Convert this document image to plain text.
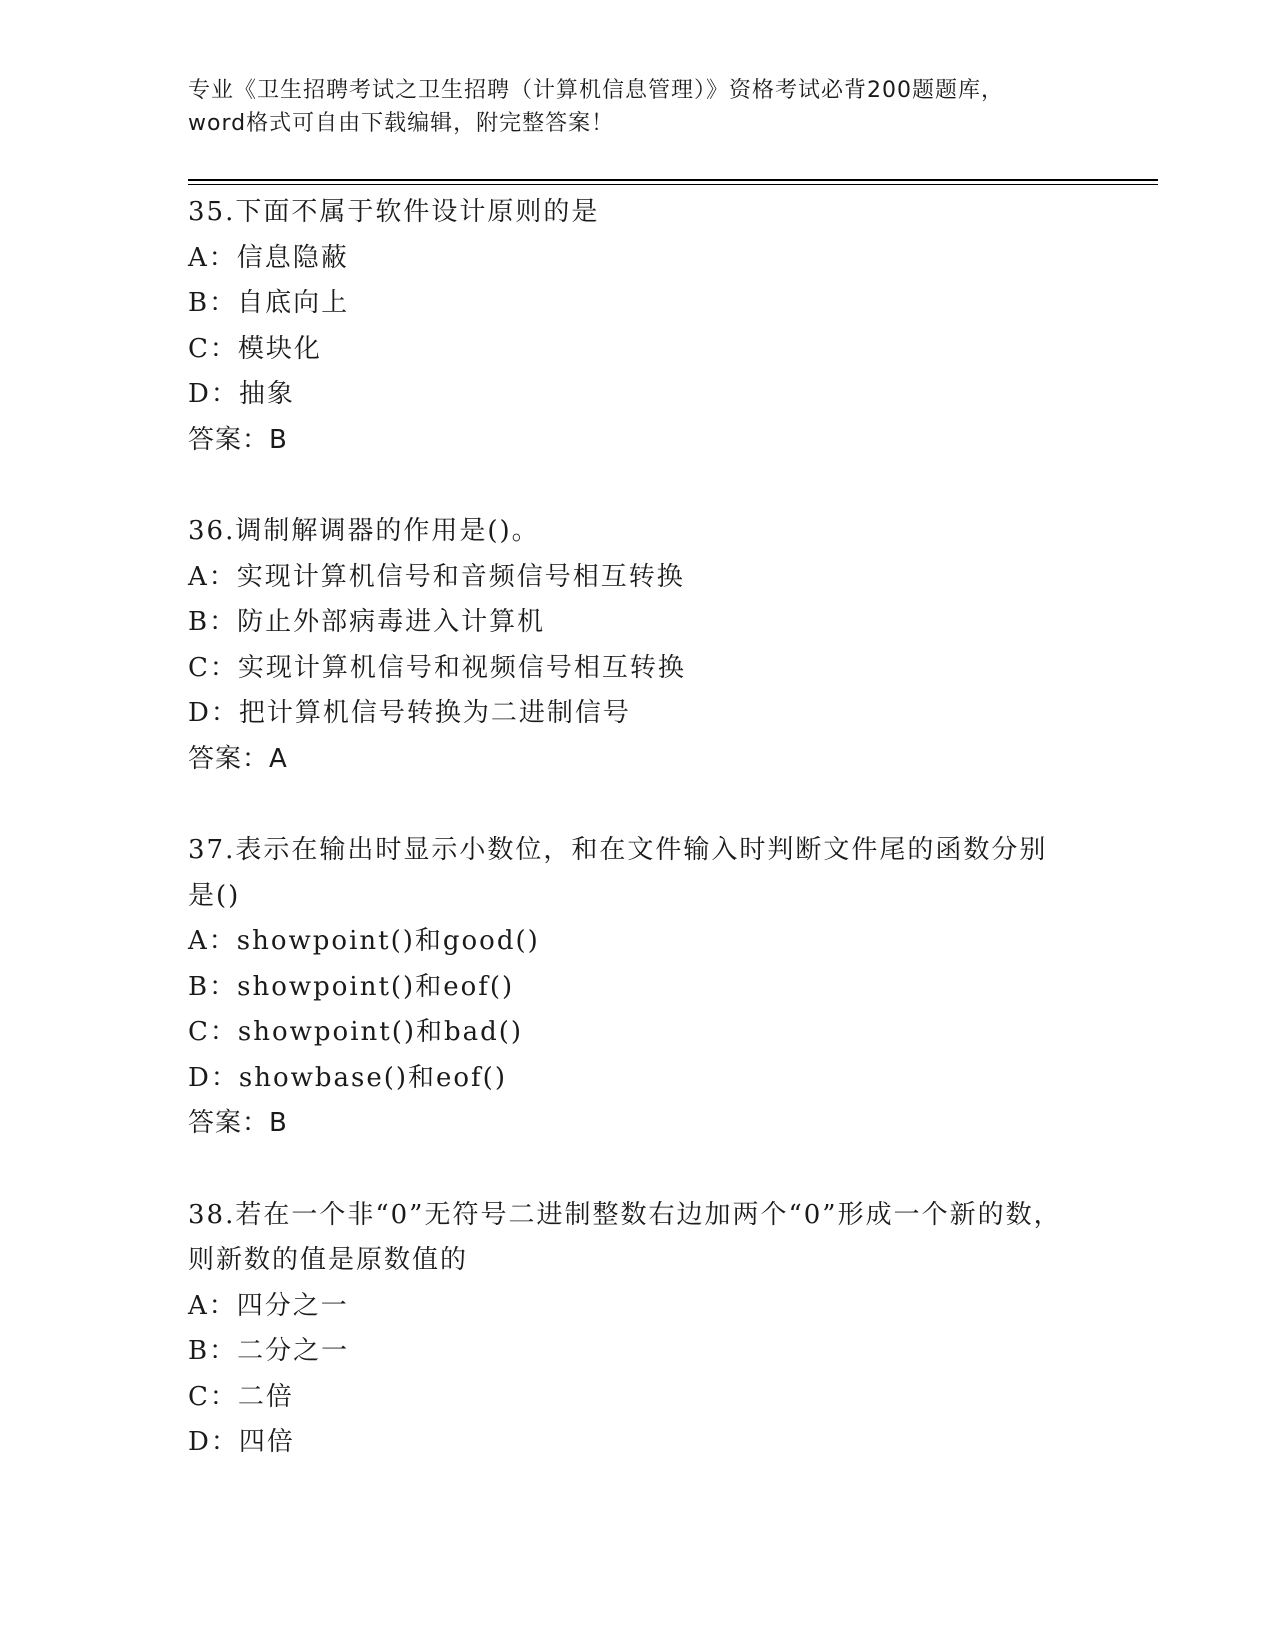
专业《卫生招聘考试之卫生招聘（计算机信息管理）》资格考试必背200题题库，
word格式可自由下载编辑，附完整答案！
35.下面不属于软件设计原则的是
A：信息隐蔽
B：自底向上
C：模块化
D：抽象
答案：B
36.调制解调器的作用是()。
A：实现计算机信号和音频信号相互转换
B：防止外部病毒进入计算机
C：实现计算机信号和视频信号相互转换
D：把计算机信号转换为二进制信号
答案：A
37.表示在输出时显示小数位，和在文件输入时判断文件尾的函数分别是()
A：showpoint()和good()
B：showpoint()和eof()
C：showpoint()和bad()
D：showbase()和eof()
答案：B
38.若在一个非“0”无符号二进制整数右边加两个“0”形成一个新的数，则新数的值是原数值的
A：四分之一
B：二分之一
C：二倍
D：四倍
